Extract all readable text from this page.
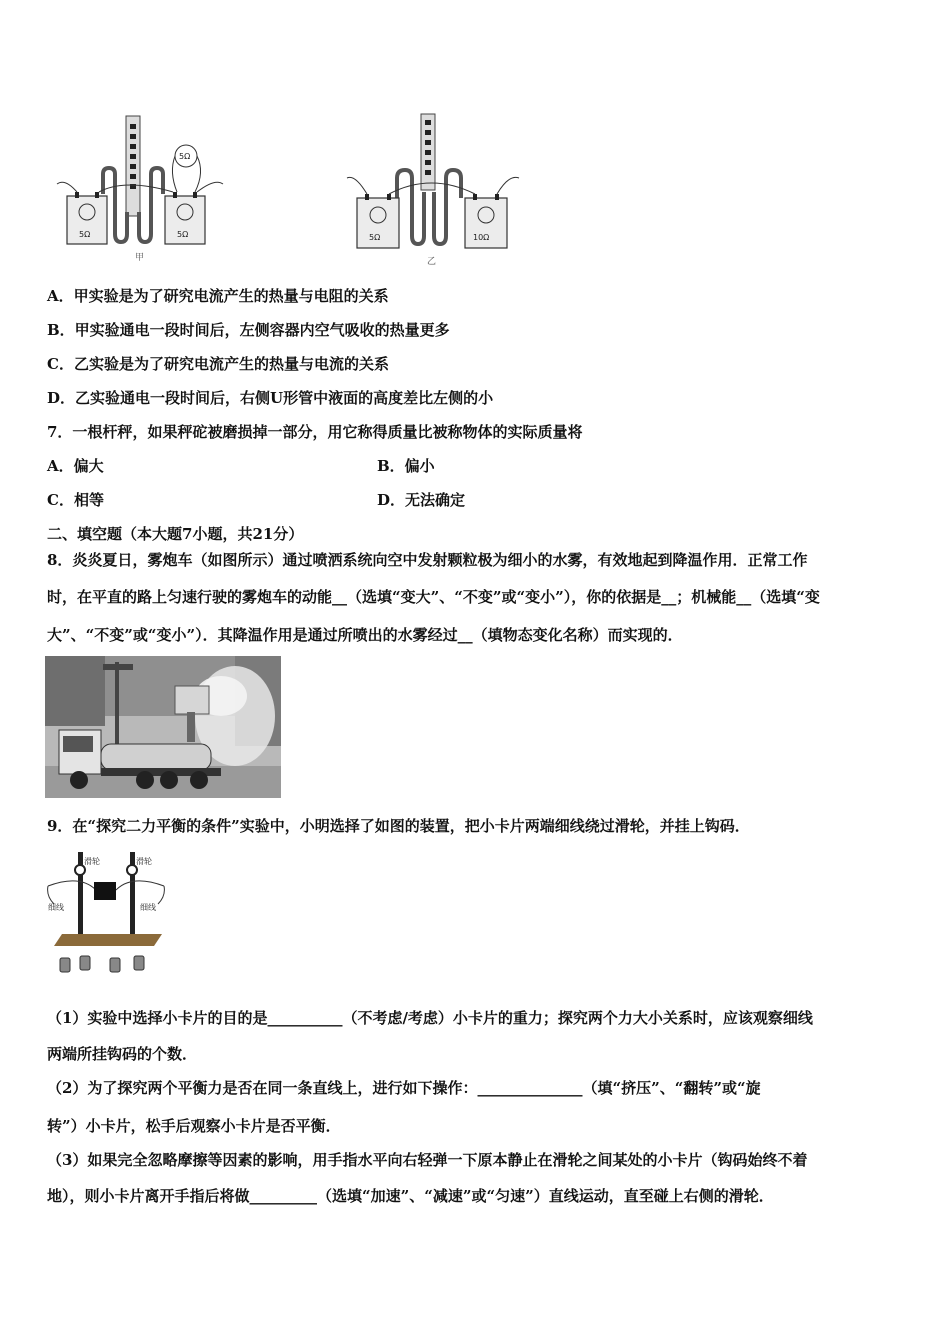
5Ω
5Ω	5Ω
甲
5Ω	10Ω
乙
A．甲实验是为了研究电流产生的热量与电阻的关系
B．甲实验通电一段时间后，左侧容器内空气吸收的热量更多
C．乙实验是为了研究电流产生的热量与电流的关系
D．乙实验通电一段时间后，右侧U形管中液面的高度差比左侧的小
7．一根杆秤，如果秤砣被磨损掉一部分，用它称得质量比被称物体的实际质量将
A．偏大	B．偏小
C．相等	D．无法确定
二、填空题（本大题7小题，共21分）
8．炎炎夏日，雾炮车（如图所示）通过喷洒系统向空中发射颗粒极为细小的水雾，有效地起到降温作用．正常工作
时，在平直的路上匀速行驶的雾炮车的动能__（选填“变大”、“不变”或“变小”），你的依据是__；机械能__（选填“变
大”、“不变”或“变小”）．其降温作用是通过所喷出的水雾经过__（填物态变化名称）而实现的．
9．在“探究二力平衡的条件”实验中，小明选择了如图的装置，把小卡片两端细线绕过滑轮，并挂上钩码．
滑轮	滑轮
细线	细线
（1）实验中选择小卡片的目的是__________（不考虑/考虑）小卡片的重力；探究两个力大小关系时，应该观察细线
两端所挂钩码的个数．
（2）为了探究两个平衡力是否在同一条直线上，进行如下操作：______________（填“挤压”、“翻转”或“旋
转”）小卡片，松手后观察小卡片是否平衡．
（3）如果完全忽略摩擦等因素的影响，用手指水平向右轻弹一下原本静止在滑轮之间某处的小卡片（钩码始终不着
地），则小卡片离开手指后将做_________（选填“加速”、“减速”或“匀速”）直线运动，直至碰上右侧的滑轮．
